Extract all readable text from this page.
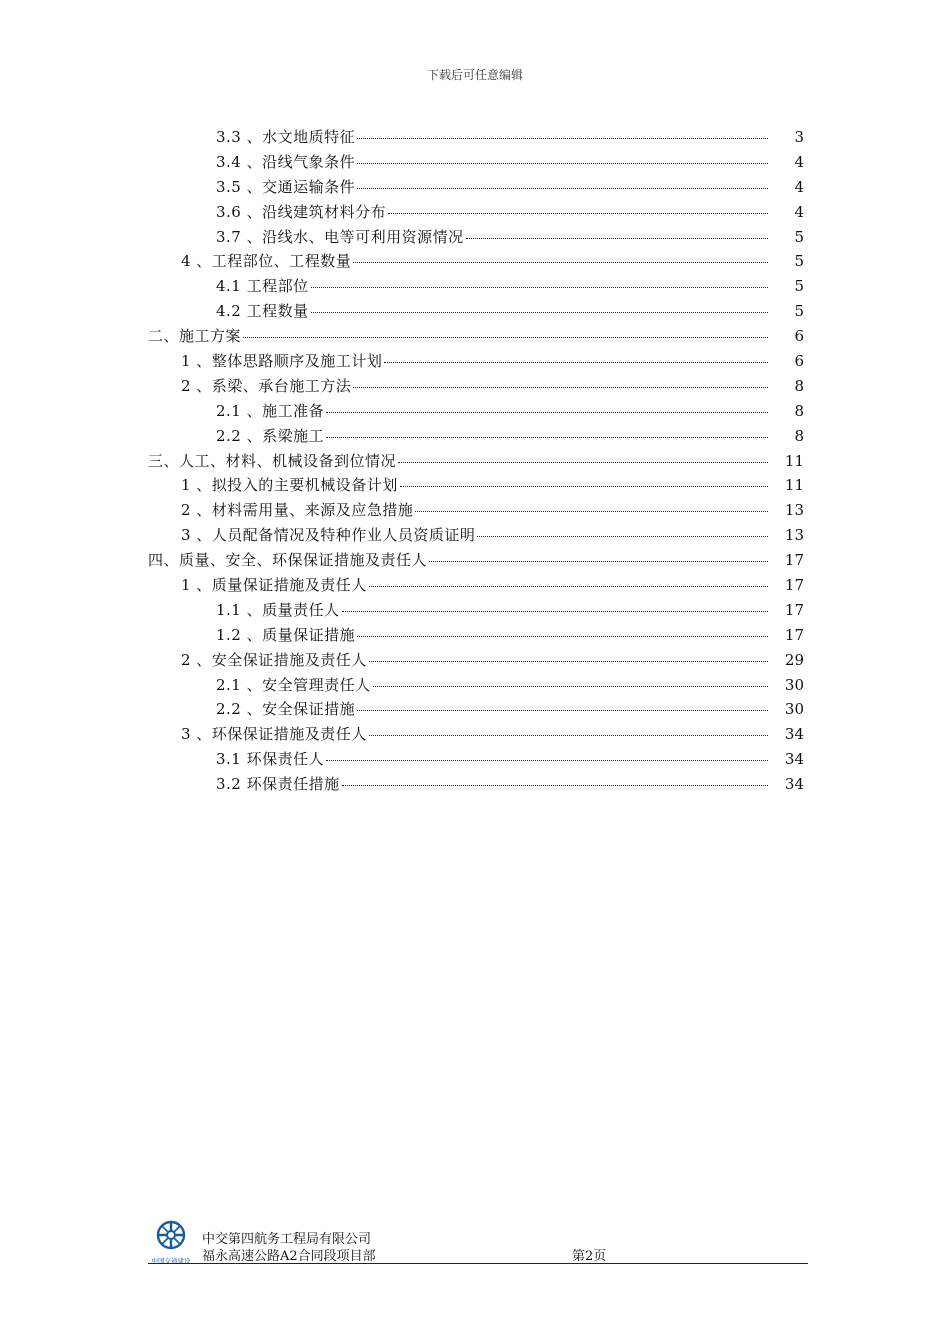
下载后可任意编辑
3.3 、水文地质特征	3
3.4 、沿线气象条件	4
3.5 、交通运输条件	4
3.6 、沿线建筑材料分布	4
3.7 、沿线水、电等可利用资源情况	5
4 、工程部位、工程数量	5
4.1 工程部位	5
4.2 工程数量	5
二、施工方案	6
1 、整体思路顺序及施工计划	6
2 、系梁、承台施工方法	8
2.1 、施工准备	8
2.2 、系梁施工	8
三、人工、材料、机械设备到位情况	11
1 、拟投入的主要机械设备计划	11
2 、材料需用量、来源及应急措施	13
3 、人员配备情况及特种作业人员资质证明	13
四、质量、安全、环保保证措施及责任人	17
1 、质量保证措施及责任人	17
1.1 、质量责任人	17
1.2 、质量保证措施	17
2 、安全保证措施及责任人	29
2.1 、安全管理责任人	30
2.2 、安全保证措施	30
3 、环保保证措施及责任人	34
3.1 环保责任人	34
3.2 环保责任措施	34
中国交通建设
中交第四航务工程局有限公司
福永高速公路A2合同段项目部	第2页
